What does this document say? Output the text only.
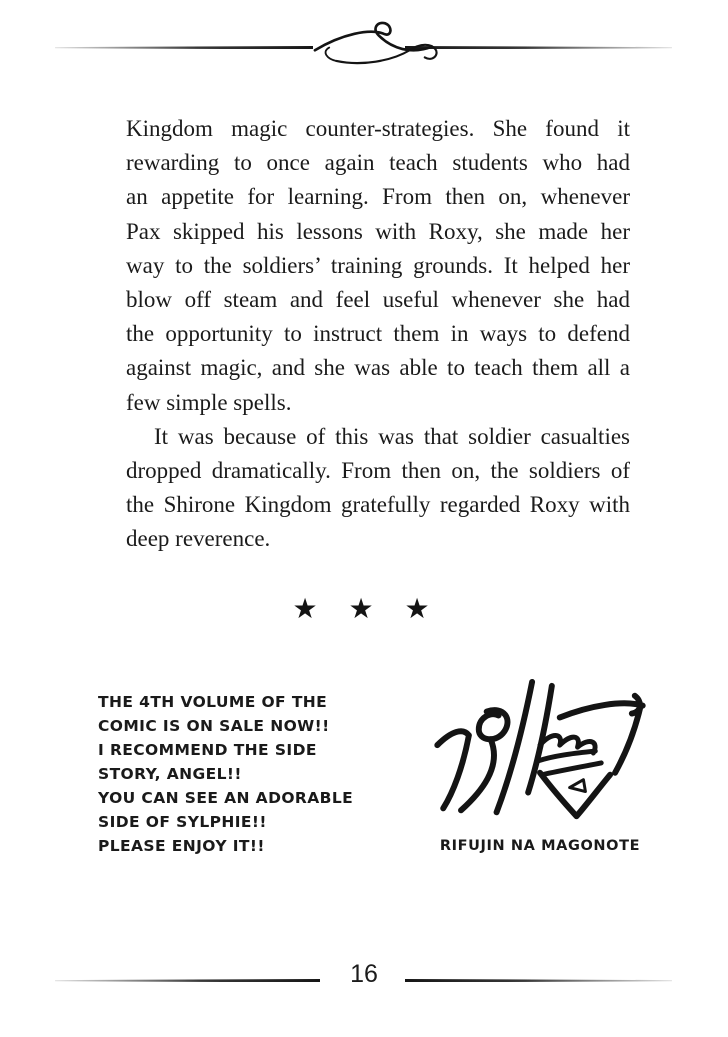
Kingdom magic counter-strategies. She found it
rewarding to once again teach students who had
an appetite for learning. From then on, whenever
Pax skipped his lessons with Roxy, she made her
way to the soldiers’ training grounds. It helped her
blow off steam and feel useful whenever she had
the opportunity to instruct them in ways to defend
against magic, and she was able to teach them all a
few simple spells.
It was because of this was that soldier casualties
dropped dramatically. From then on, the soldiers of
the Shirone Kingdom gratefully regarded Roxy with
deep reverence.
★ ★ ★
THE 4TH VOLUME OF THE
COMIC IS ON SALE NOW!!
I RECOMMEND THE SIDE
STORY, ANGEL!!
YOU CAN SEE AN ADORABLE
SIDE OF SYLPHIE!!
PLEASE ENJOY IT!!	RIFUJIN NA MAGONOTE
16
